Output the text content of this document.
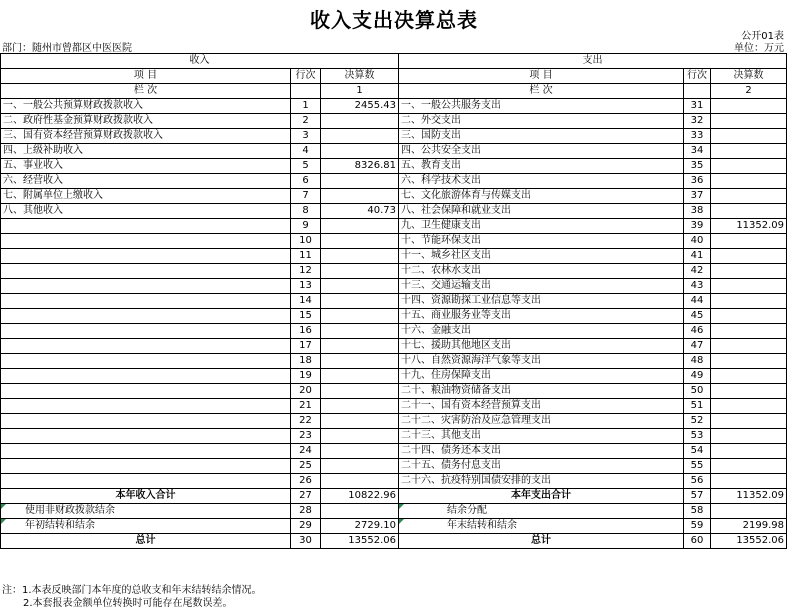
收入支出决算总表
公开01表
部门：随州市曾都区中医医院	单位：万元
收入			支出		
项 目	行次	决算数	项 目	行次	决算数
栏 次		1	栏 次		2
一、一般公共预算财政拨款收入	1	2455.43	一、一般公共服务支出	31	
二、政府性基金预算财政拨款收入	2		二、外交支出	32	
三、国有资本经营预算财政拨款收入	3		三、国防支出	33	
四、上级补助收入	4		四、公共安全支出	34	
五、事业收入	5	8326.81	五、教育支出	35	
六、经营收入	6		六、科学技术支出	36	
七、附属单位上缴收入	7		七、文化旅游体育与传媒支出	37	
八、其他收入	8	40.73	八、社会保障和就业支出	38	
	9		九、卫生健康支出	39	11352.09
	10		十、节能环保支出	40	
	11		十一、城乡社区支出	41	
	12		十二、农林水支出	42	
	13		十三、交通运输支出	43	
	14		十四、资源勘探工业信息等支出	44	
	15		十五、商业服务业等支出	45	
	16		十六、金融支出	46	
	17		十七、援助其他地区支出	47	
	18		十八、自然资源海洋气象等支出	48	
	19		十九、住房保障支出	49	
	20		二十、粮油物资储备支出	50	
	21		二十一、国有资本经营预算支出	51	
	22		二十二、灾害防治及应急管理支出	52	
	23		二十三、其他支出	53	
	24		二十四、债务还本支出	54	
	25		二十五、债务付息支出	55	
	26		二十六、抗疫特别国债安排的支出	56	
本年收入合计	27	10822.96	本年支出合计	57	11352.09
使用非财政拨款结余	28		结余分配	58	
年初结转和结余	29	2729.10	年末结转和结余	59	2199.98
总计	30	13552.06	总计	60	13552.06
注：1.本表反映部门本年度的总收支和年末结转结余情况。
2.本套报表金额单位转换时可能存在尾数误差。
